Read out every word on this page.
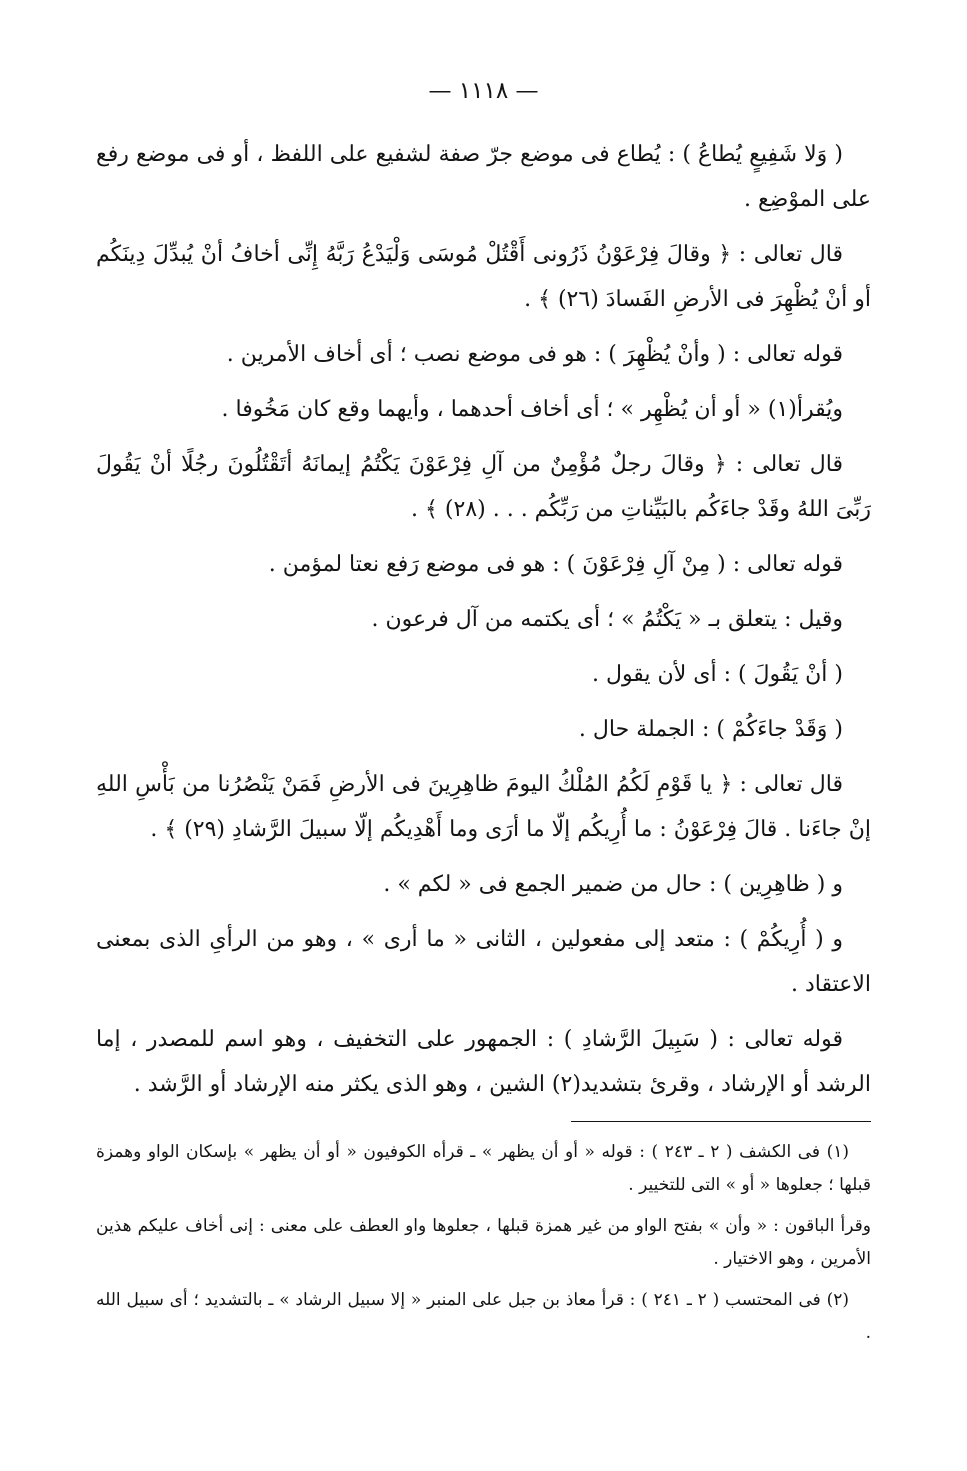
— ١١١٨ —

( وَلا شَفِيعٍ يُطاعُ ) : يُطاع فى موضع جرّ صفة لشفيع على اللفظ ، أو فى موضع رفع على الموْضِع .

قال تعالى : ﴿ وقالَ فِرْعَوْنُ ذَرُونى أَقْتُلْ مُوسَى وَلْيَدْعُ رَبَّهُ إِنِّى أخافُ أنْ يُبدِّلَ دِينَكُم أو أنْ يُظْهِرَ فى الأرضِ الفَسادَ (٢٦) ﴾ .

قوله تعالى : ( وأنْ يُظْهِرَ ) : هو فى موضع نصب ؛ أى أخاف الأمرين .

ويُقرأ(١) « أو أن يُظْهِر » ؛ أى أخاف أحدهما ، وأيهما وقع كان مَخُوفا .

قال تعالى : ﴿ وقالَ رجلٌ مُؤْمِنٌ من آلِ فِرْعَوْنَ يَكْتُمُ إيمانَهُ أتَقْتُلُونَ رجُلًا أنْ يَقُولَ رَبِّىَ اللهُ وقَدْ جاءَكُم بالبَيِّناتِ من رَبِّكُم . . . (٢٨) ﴾ .

قوله تعالى : ( مِنْ آلِ فِرْعَوْنَ ) : هو فى موضع رَفع نعتا لمؤمن .

وقيل : يتعلق بـ « يَكْتُمُ » ؛ أى يكتمه من آل فرعون .

( أنْ يَقُولَ ) : أى لأن يقول .

( وَقَدْ جاءَكُمْ ) : الجملة حال .

قال تعالى : ﴿ يا قَوْمِ لَكُمُ المُلْكُ اليومَ ظاهِرِينَ فى الأرضِ فَمَنْ يَنْصُرُنا من بَأْسِ اللهِ إنْ جاءَنا . قالَ فِرْعَوْنُ : ما أُرِيكُم إلّا ما أرَى وما أَهْدِيكُم إلّا سبيلَ الرَّشادِ (٢٩) ﴾ .

و ( ظاهِرِين ) : حال من ضمير الجمع فى « لكم » .

و ( أُرِيكُمْ ) : متعد إلى مفعولين ، الثانى « ما أرى » ، وهو من الرأىِ الذى بمعنى الاعتقاد .

قوله تعالى : ( سَبِيلَ الرَّشادِ ) : الجمهور على التخفيف ، وهو اسم للمصدر ، إما الرشد أو الإرشاد ، وقرئ بتشديد(٢) الشين ، وهو الذى يكثر منه الإرشاد أو الرَّشد .

(١) فى الكشف ( ٢ ـ ٢٤٣ ) : قوله « أو أن يظهر » ـ قرأه الكوفيون « أو أن يظهر » بإسكان الواو وهمزة قبلها ؛ جعلوها « أو » التى للتخيير .

وقرأ الباقون : « وأن » بفتح الواو من غير همزة قبلها ، جعلوها واو العطف على معنى : إنى أخاف عليكم هذين الأمرين ، وهو الاختيار .

(٢) فى المحتسب ( ٢ ـ ٢٤١ ) : قرأ معاذ بن جبل على المنبر « إلا سبيل الرشاد » ـ بالتشديد ؛ أى سبيل الله .
